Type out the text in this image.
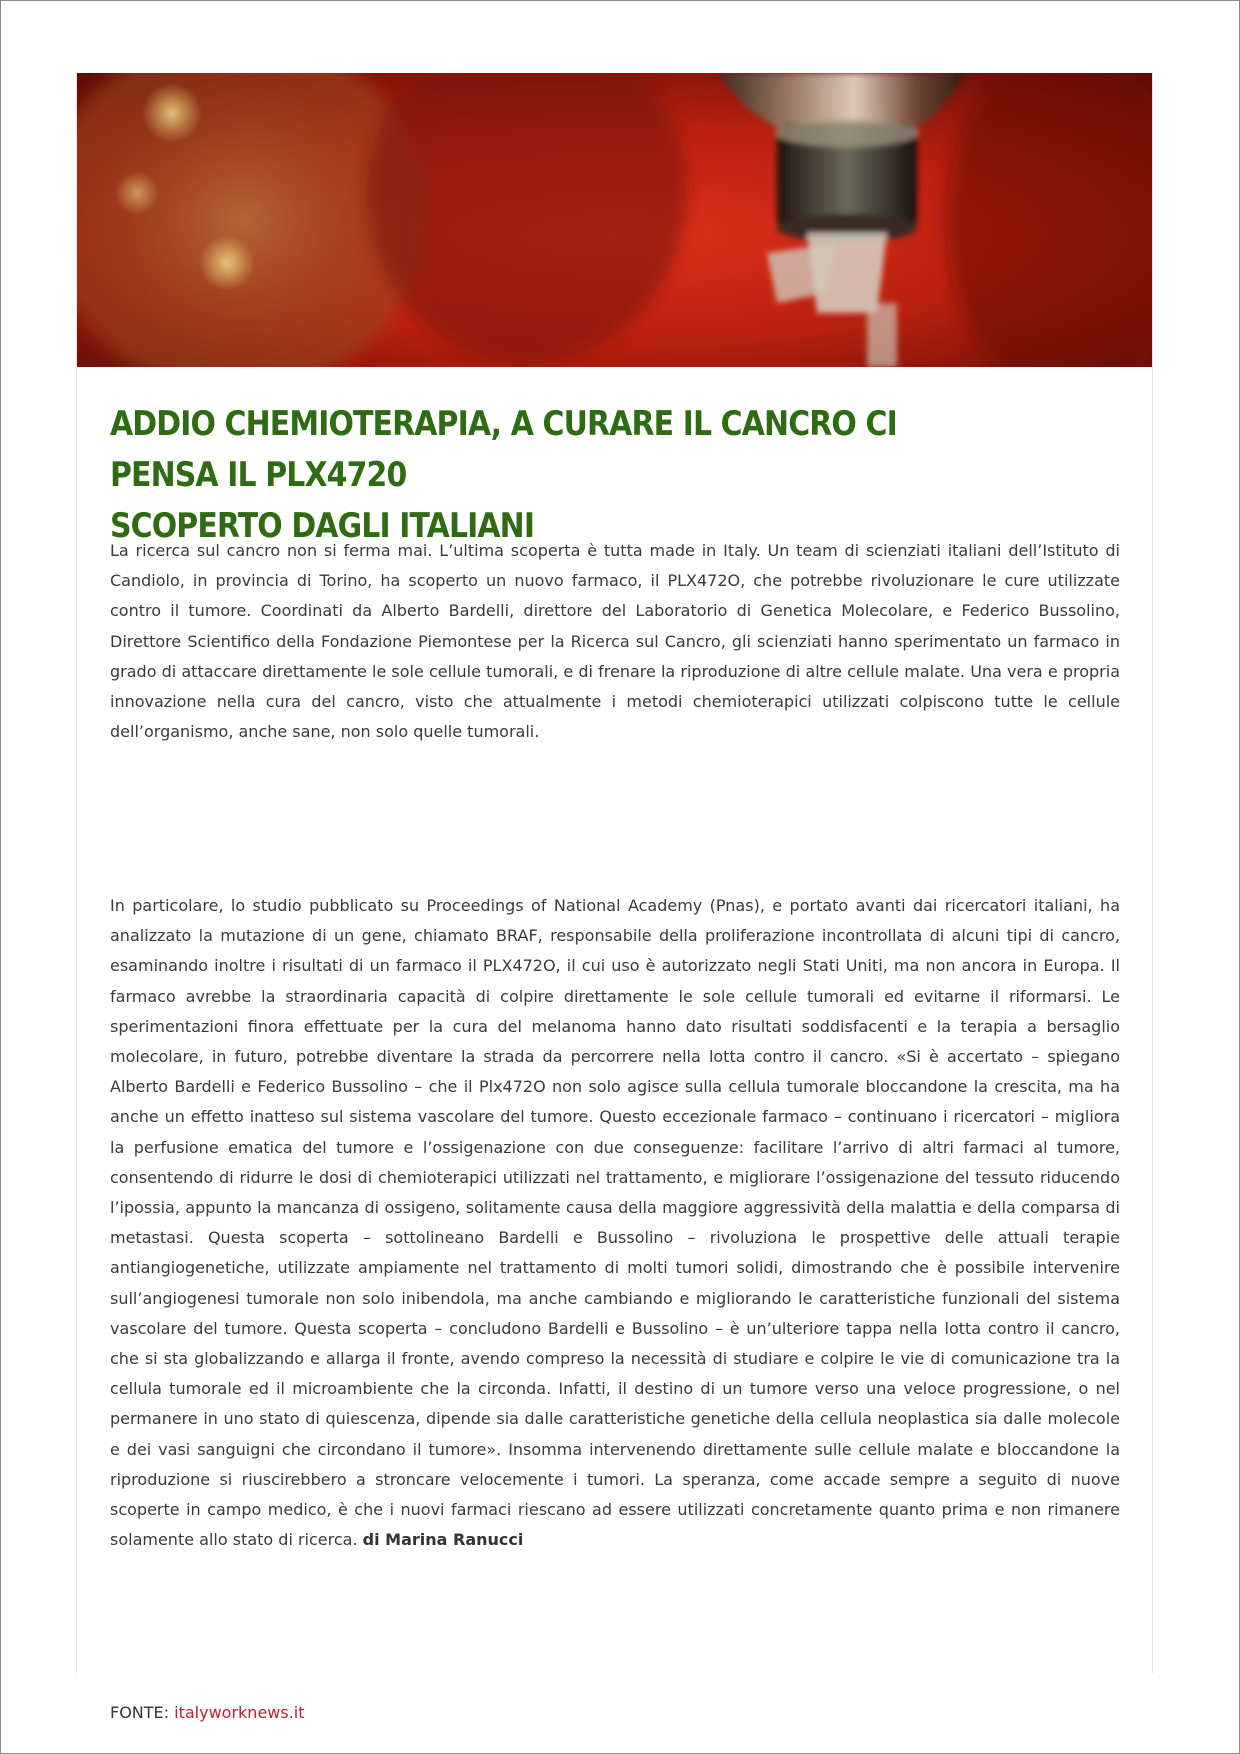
ADDIO CHEMIOTERAPIA, A CURARE IL CANCRO CI PENSA IL PLX4720
SCOPERTO DAGLI ITALIANI

La ricerca sul cancro non si ferma mai. L’ultima scoperta è tutta made in Italy. Un team di scienziati italiani dell’Istituto di Candiolo, in provincia di Torino, ha scoperto un nuovo farmaco, il PLX472O, che potrebbe rivoluzionare le cure utilizzate contro il tumore. Coordinati da Alberto Bardelli, direttore del Laboratorio di Genetica Molecolare, e Federico Bussolino, Direttore Scientifico della Fondazione Piemontese per la Ricerca sul Cancro, gli scienziati hanno sperimentato un farmaco in grado di attaccare direttamente le sole cellule tumorali, e di frenare la riproduzione di altre cellule malate. Una vera e propria innovazione nella cura del cancro, visto che attualmente i metodi chemioterapici utilizzati colpiscono tutte le cellule dell’organismo, anche sane, non solo quelle tumorali.

In particolare, lo studio pubblicato su Proceedings of National Academy (Pnas), e portato avanti dai ricercatori italiani, ha analizzato la mutazione di un gene, chiamato BRAF, responsabile della proliferazione incontrollata di alcuni tipi di cancro, esaminando inoltre i risultati di un farmaco il PLX472O, il cui uso è autorizzato negli Stati Uniti, ma non ancora in Europa. Il farmaco avrebbe la straordinaria capacità di colpire direttamente le sole cellule tumorali ed evitarne il riformarsi. Le sperimentazioni finora effettuate per la cura del melanoma hanno dato risultati soddisfacenti e la terapia a bersaglio molecolare, in futuro, potrebbe diventare la strada da percorrere nella lotta contro il cancro. «Si è accertato – spiegano Alberto Bardelli e Federico Bussolino – che il Plx472O non solo agisce sulla cellula tumorale bloccandone la crescita, ma ha anche un effetto inatteso sul sistema vascolare del tumore. Questo eccezionale farmaco – continuano i ricercatori – migliora la perfusione ematica del tumore e l’ossigenazione con due conseguenze: facilitare l’arrivo di altri farmaci al tumore, consentendo di ridurre le dosi di chemioterapici utilizzati nel trattamento, e migliorare l’ossigenazione del tessuto riducendo l’ipossia, appunto la mancanza di ossigeno, solitamente causa della maggiore aggressività della malattia e della comparsa di metastasi. Questa scoperta – sottolineano Bardelli e Bussolino – rivoluziona le prospettive delle attuali terapie antiangiogenetiche, utilizzate ampiamente nel trattamento di molti tumori solidi, dimostrando che è possibile intervenire sull’angiogenesi tumorale non solo inibendola, ma anche cambiando e migliorando le caratteristiche funzionali del sistema vascolare del tumore. Questa scoperta – concludono Bardelli e Bussolino – è un’ulteriore tappa nella lotta contro il cancro, che si sta globalizzando e allarga il fronte, avendo compreso la necessità di studiare e colpire le vie di comunicazione tra la cellula tumorale ed il microambiente che la circonda. Infatti, il destino di un tumore verso una veloce progressione, o nel permanere in uno stato di quiescenza, dipende sia dalle caratteristiche genetiche della cellula neoplastica sia dalle molecole e dei vasi sanguigni che circondano il tumore». Insomma intervenendo direttamente sulle cellule malate e bloccandone la riproduzione si riuscirebbero a stroncare velocemente i tumori. La speranza, come accade sempre a seguito di nuove scoperte in campo medico, è che i nuovi farmaci riescano ad essere utilizzati concretamente quanto prima e non rimanere solamente allo stato di ricerca. di Marina Ranucci

FONTE: italyworknews.it
